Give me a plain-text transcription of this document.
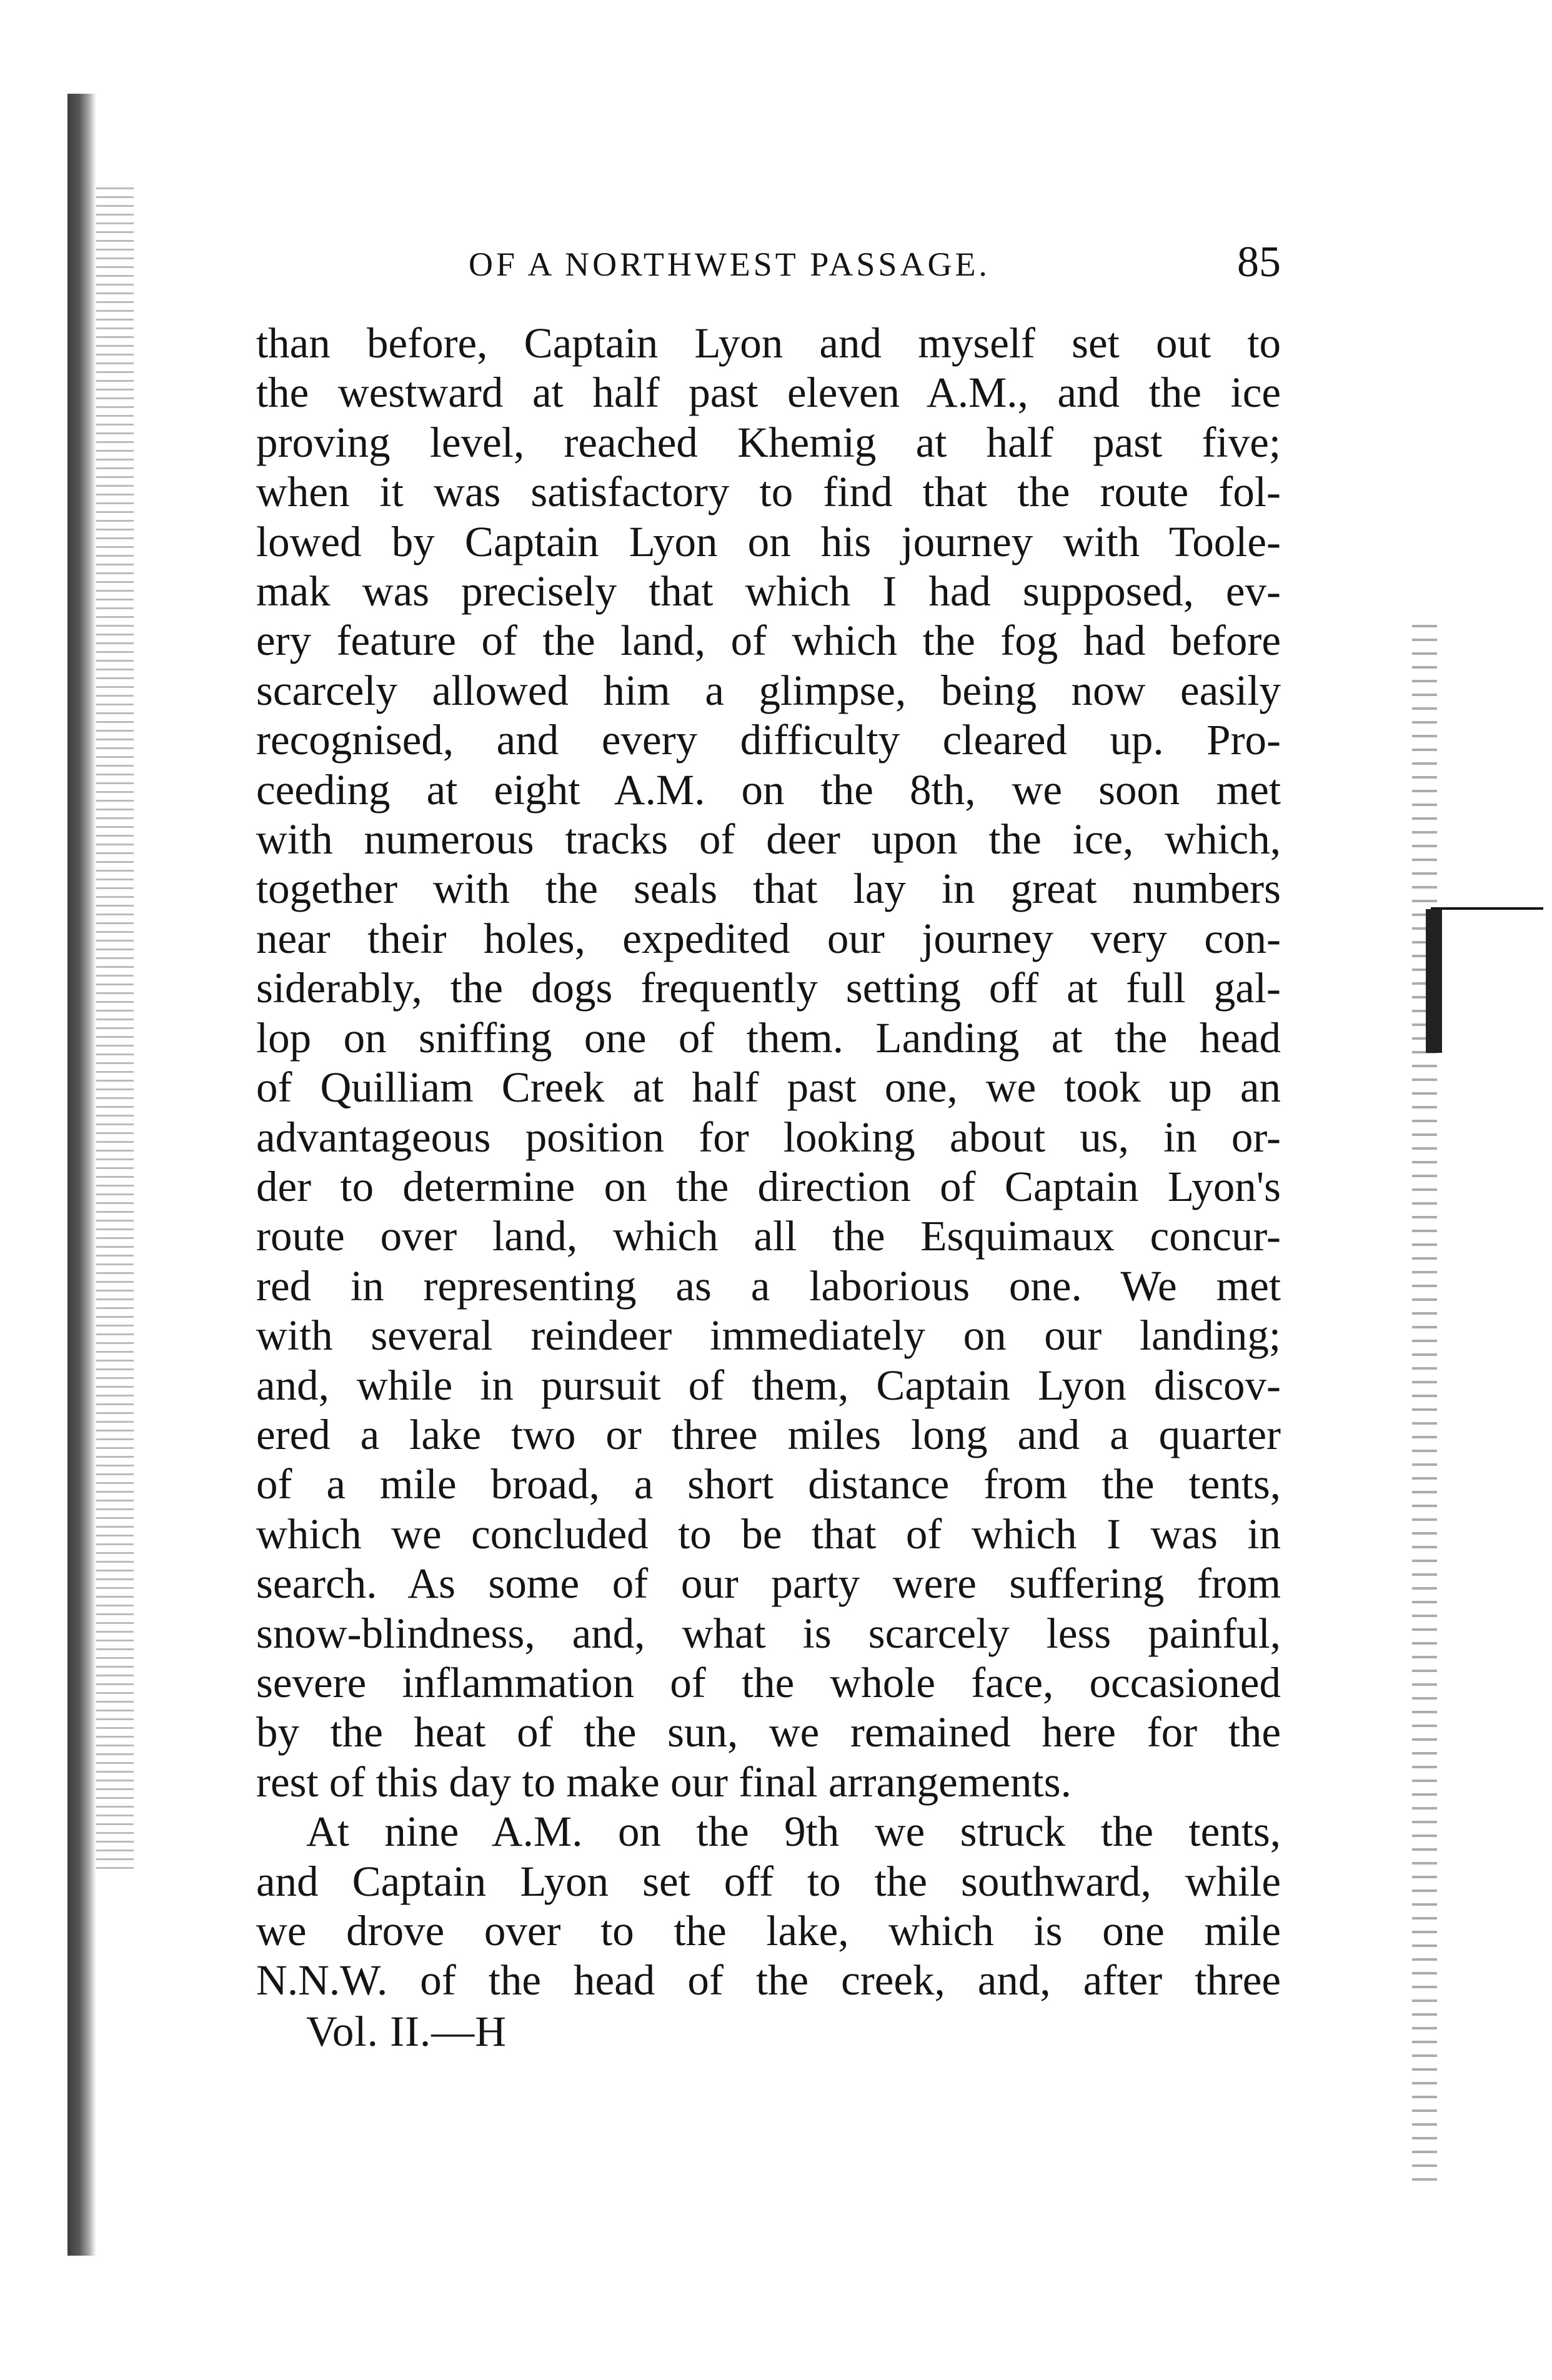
OF A NORTHWEST PASSAGE.	85
than before, Captain Lyon and myself set out to
the westward at half past eleven A.M., and the ice
proving level, reached Khemig at half past five;
when it was satisfactory to find that the route fol-
lowed by Captain Lyon on his journey with Toole-
mak was precisely that which I had supposed, ev-
ery feature of the land, of which the fog had before
scarcely allowed him a glimpse, being now easily
recognised, and every difficulty cleared up. Pro-
ceeding at eight A.M. on the 8th, we soon met
with numerous tracks of deer upon the ice, which,
together with the seals that lay in great numbers
near their holes, expedited our journey very con-
siderably, the dogs frequently setting off at full gal-
lop on sniffing one of them. Landing at the head
of Quilliam Creek at half past one, we took up an
advantageous position for looking about us, in or-
der to determine on the direction of Captain Lyon's
route over land, which all the Esquimaux concur-
red in representing as a laborious one. We met
with several reindeer immediately on our landing;
and, while in pursuit of them, Captain Lyon discov-
ered a lake two or three miles long and a quarter
of a mile broad, a short distance from the tents,
which we concluded to be that of which I was in
search. As some of our party were suffering from
snow-blindness, and, what is scarcely less painful,
severe inflammation of the whole face, occasioned
by the heat of the sun, we remained here for the
rest of this day to make our final arrangements.
At nine A.M. on the 9th we struck the tents,
and Captain Lyon set off to the southward, while
we drove over to the lake, which is one mile
N.N.W. of the head of the creek, and, after three
Vol. II.—H
